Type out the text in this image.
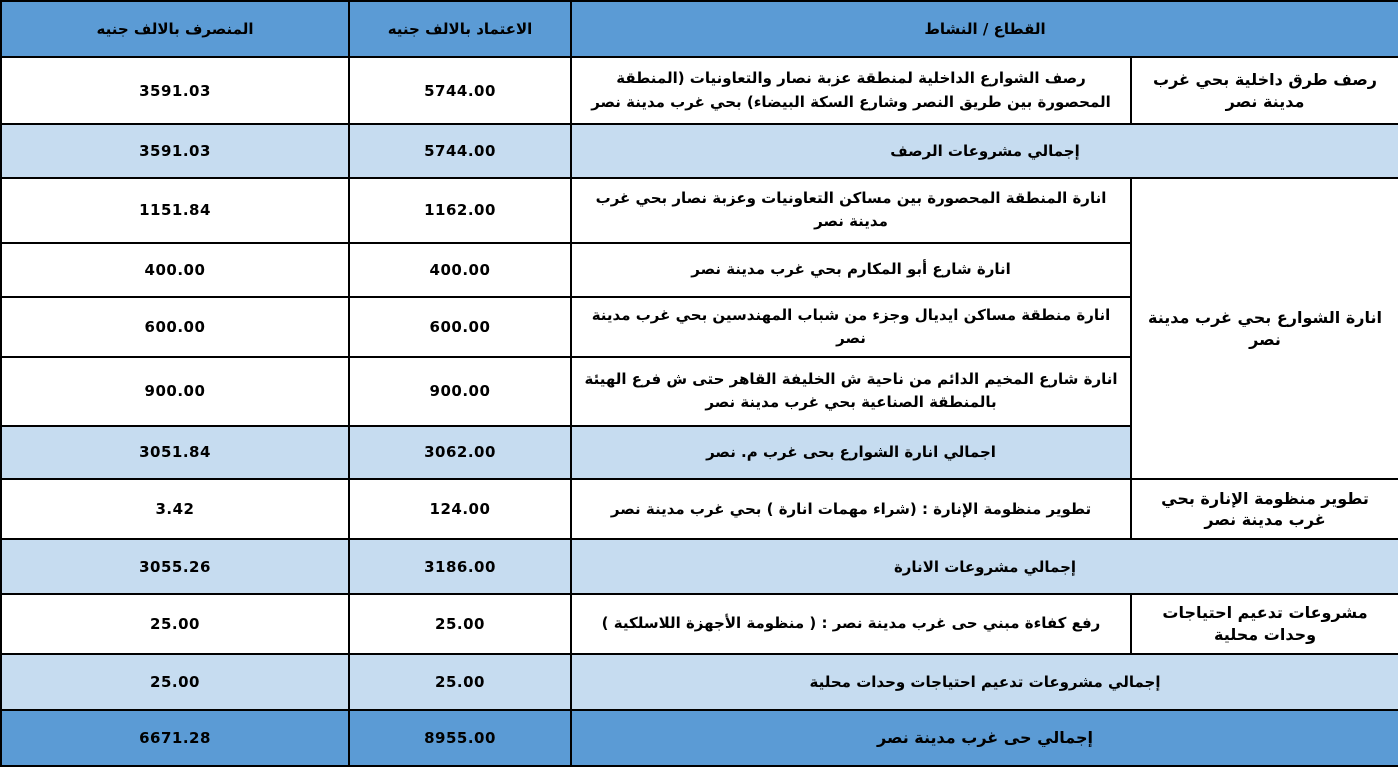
القطاع / النشاط		الاعتماد بالالف جنيه	المنصرف بالالف جنيه
رصف طرق داخلية بحي غرب مدينة نصر	رصف الشوارع الداخلية لمنطقة عزبة نصار والتعاونيات (المنطقة المحصورة بين طريق النصر وشارع السكة البيضاء) بحي غرب مدينة نصر	5744.00	3591.03
إجمالي مشروعات الرصف		5744.00	3591.03
انارة الشوارع بحي غرب مدينة نصر	انارة المنطقة المحصورة بين مساكن التعاونيات وعزبة نصار بحي غرب مدينة نصر	1162.00	1151.84
	انارة شارع أبو المكارم بحي غرب مدينة نصر	400.00	400.00
	انارة منطقة مساكن ايديال وجزء من شباب المهندسين بحي غرب مدينة نصر	600.00	600.00
	انارة شارع المخيم الدائم من ناحية ش الخليفة القاهر حتى ش فرع الهيئة بالمنطقة الصناعية بحي غرب مدينة نصر	900.00	900.00
	اجمالي انارة الشوارع بحى غرب م. نصر	3062.00	3051.84
تطوير منظومة الإنارة بحي غرب مدينة نصر	تطوير منظومة الإنارة : (شراء مهمات انارة ) بحي غرب مدينة نصر	124.00	3.42
إجمالي مشروعات الانارة		3186.00	3055.26
مشروعات تدعيم احتياجات وحدات محلية	رفع كفاءة مبني حى غرب مدينة نصر : ( منظومة الأجهزة اللاسلكية )	25.00	25.00
إجمالي مشروعات تدعيم احتياجات وحدات محلية		25.00	25.00
إجمالي حى غرب مدينة نصر		8955.00	6671.28
